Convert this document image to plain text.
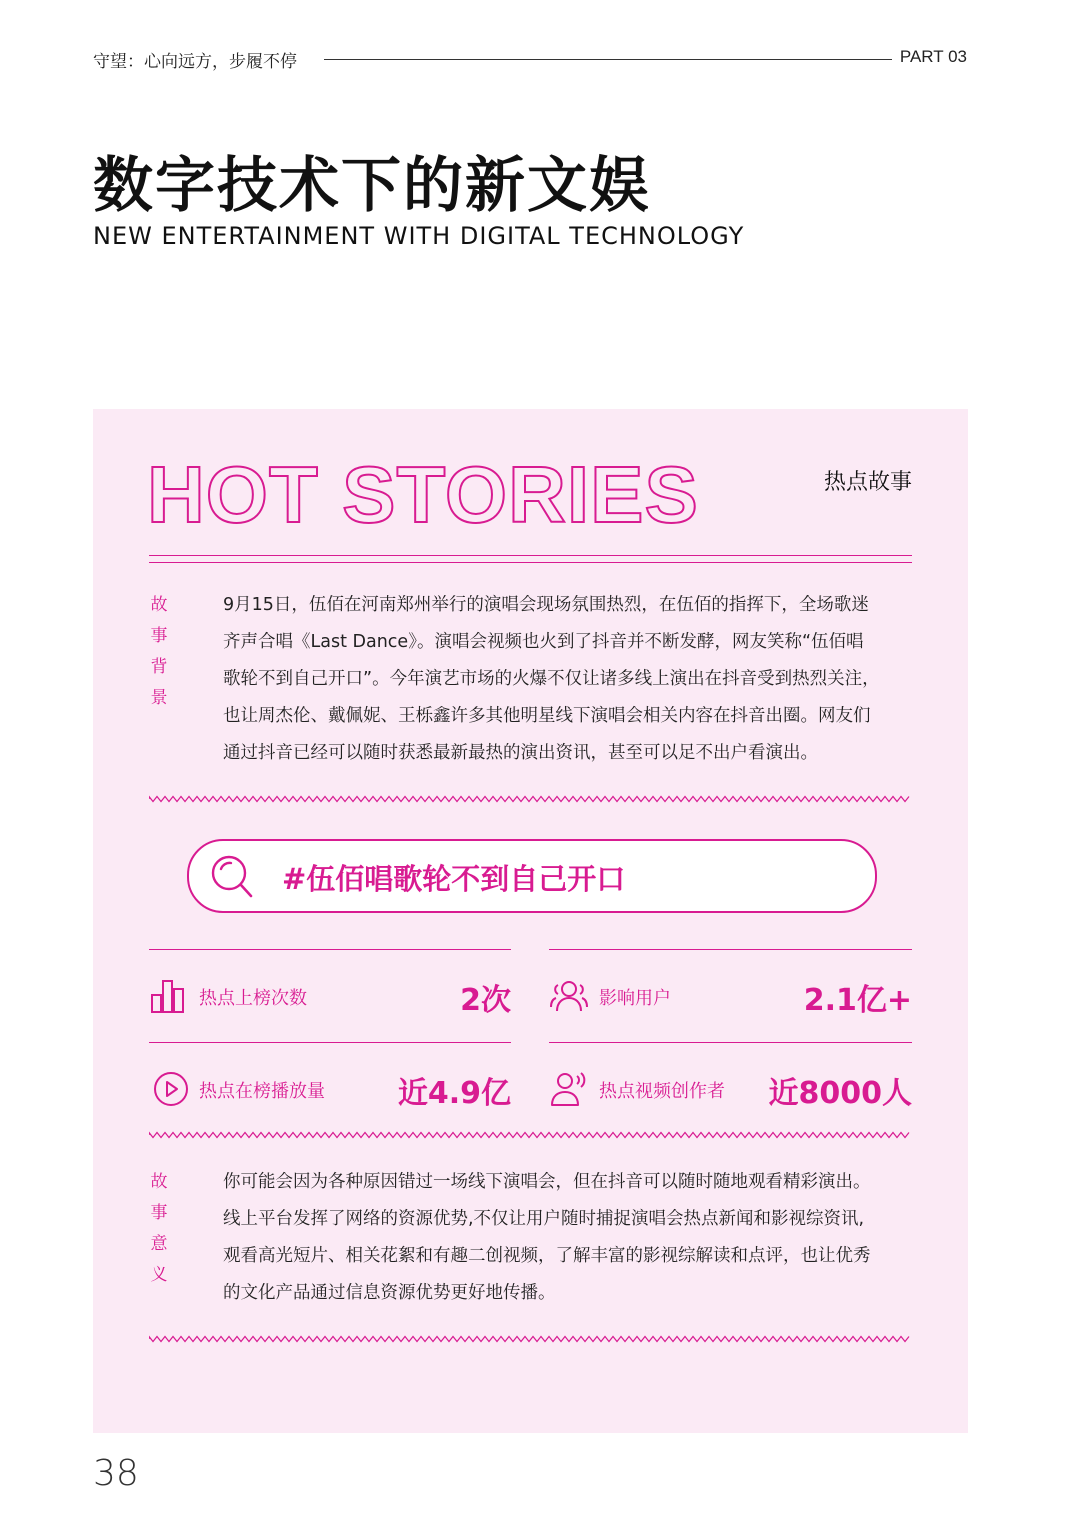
守望：心向远方，步履不停	PART 03
数字技术下的新文娱
NEW ENTERTAINMENT WITH DIGITAL TECHNOLOGY
HOT STORIES	热点故事
故
事
背
景
9月15日，伍佰在河南郑州举行的演唱会现场氛围热烈，在伍佰的指挥下，全场歌迷
齐声合唱《Last Dance》。演唱会视频也火到了抖音并不断发酵，网友笑称“伍佰唱
歌轮不到自己开口”。今年演艺市场的火爆不仅让诸多线上演出在抖音受到热烈关注，
也让周杰伦、戴佩妮、王栎鑫许多其他明星线下演唱会相关内容在抖音出圈。网友们
通过抖音已经可以随时获悉最新最热的演出资讯，甚至可以足不出户看演出。
#伍佰唱歌轮不到自己开口
热点上榜次数	2次	影响用户	2.1亿+
热点在榜播放量 近4.9亿	热点视频创作者 近8000人
故
事
意
义
你可能会因为各种原因错过一场线下演唱会，但在抖音可以随时随地观看精彩演出。
线上平台发挥了网络的资源优势,不仅让用户随时捕捉演唱会热点新闻和影视综资讯,
观看高光短片、相关花絮和有趣二创视频，了解丰富的影视综解读和点评，也让优秀
的文化产品通过信息资源优势更好地传播。
38
